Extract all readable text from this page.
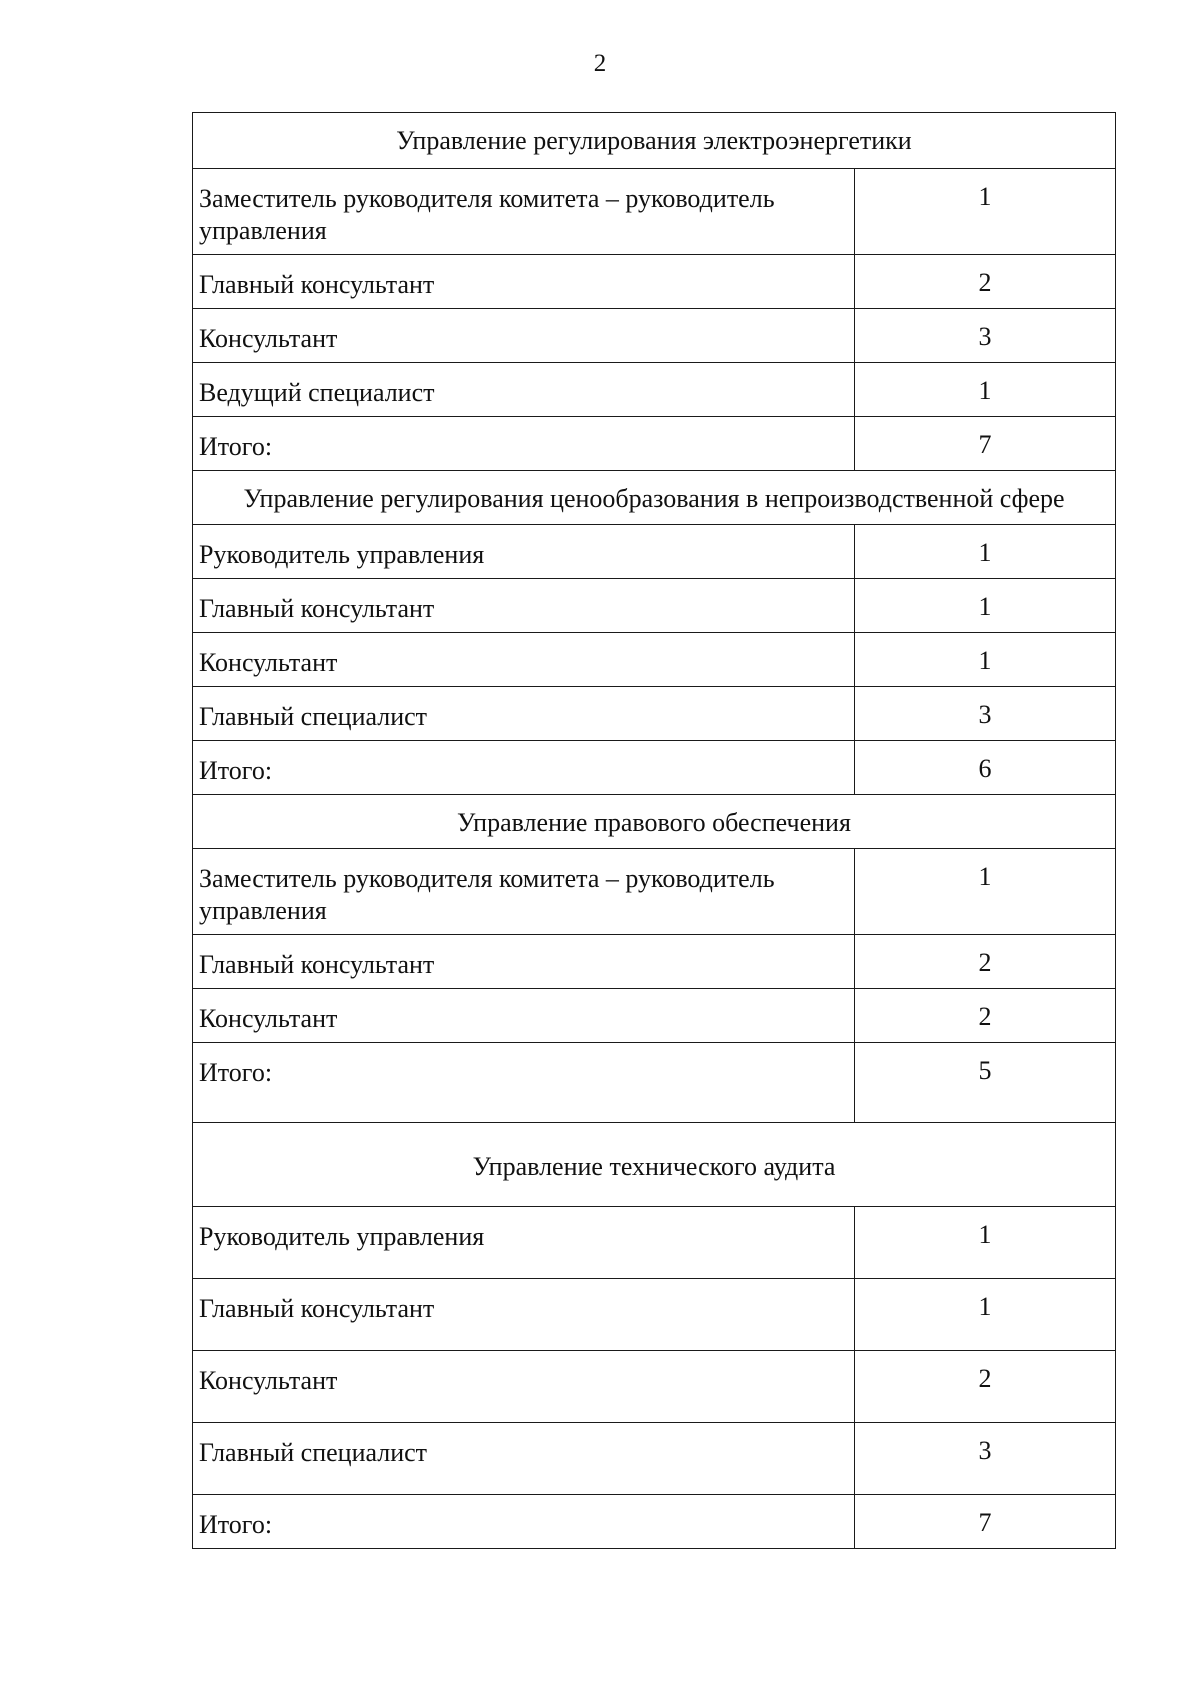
2
Управление регулирования электроэнергетики	
Заместитель руководителя комитета – руководитель управления	1
Главный консультант	2
Консультант	3
Ведущий специалист	1
Итого:	7
Управление регулирования ценообразования в непроизводственной сфере	
Руководитель управления	1
Главный консультант	1
Консультант	1
Главный специалист	3
Итого:	6
Управление правового обеспечения	
Заместитель руководителя комитета – руководитель управления	1
Главный консультант	2
Консультант	2
Итого:	5
Управление технического аудита	
Руководитель управления	1
Главный консультант	1
Консультант	2
Главный специалист	3
Итого:	7
